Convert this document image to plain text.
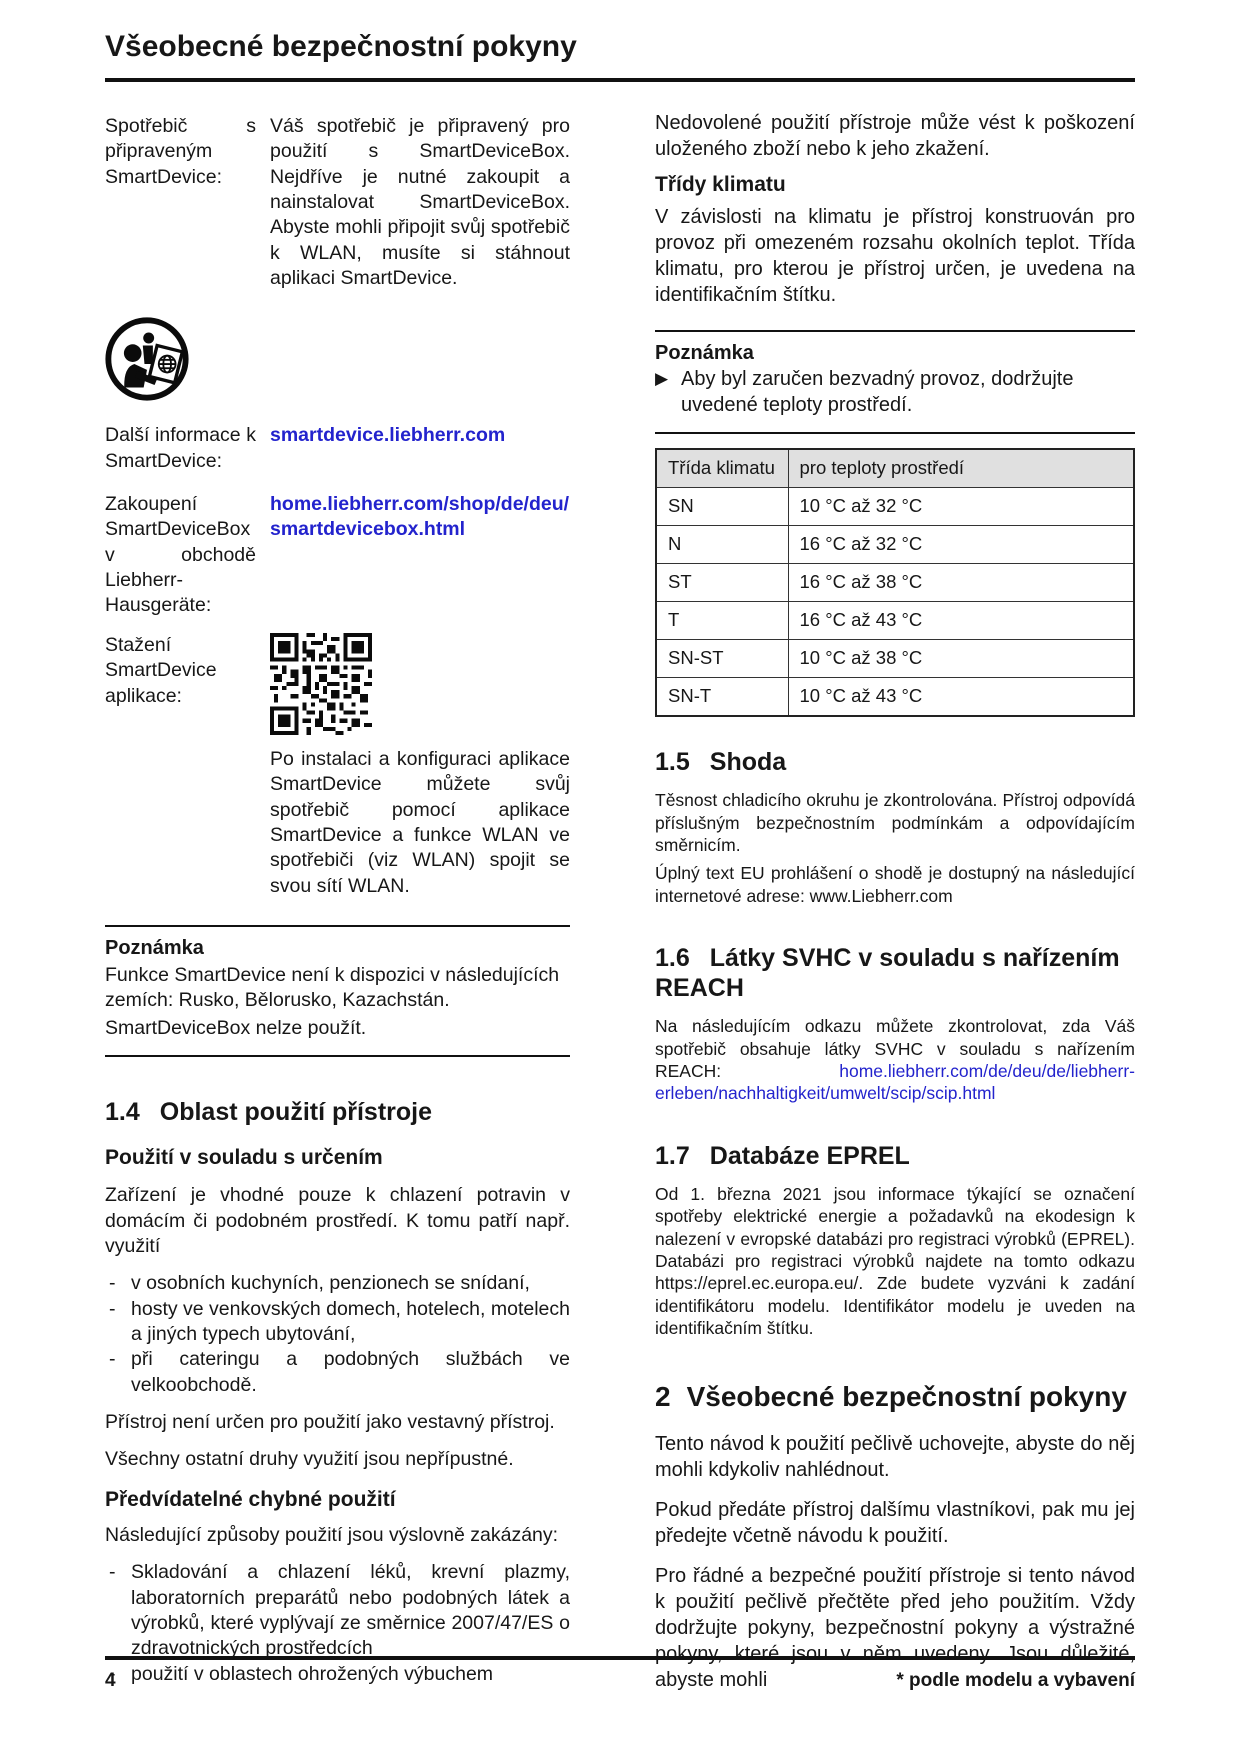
Všeobecné bezpečnostní pokyny
Spotřebič s připraveným SmartDevice:
Váš spotřebič je připravený pro použití s SmartDeviceBox. Nejdříve je nutné zakoupit a nainstalovat SmartDeviceBox. Abyste mohli připojit svůj spotřebič k WLAN, musíte si stáhnout aplikaci SmartDevice.
Další informace k SmartDevice:
smartdevice.liebherr.com
Zakoupení SmartDeviceBox v obchodě Liebherr-Hausgeräte:
home.liebherr.com/shop/de/deu/smartdevicebox.html
Stažení SmartDevice aplikace:
Po instalaci a konfiguraci aplikace SmartDevice můžete svůj spotřebič pomocí aplikace SmartDevice a funkce WLAN ve spotřebiči (viz WLAN) spojit se svou sítí WLAN.
Poznámka
Funkce SmartDevice není k dispozici v následujících zemích: Rusko, Bělorusko, Kazachstán.
SmartDeviceBox nelze použít.
1.4 Oblast použití přístroje
Použití v souladu s určením

Zařízení je vhodné pouze k chlazení potravin v domácím či podobném prostředí. K tomu patří např. využití

- v osobních kuchyních, penzionech se snídaní,
- hosty ve venkovských domech, hotelech, motelech a jiných typech ubytování,
- při cateringu a podobných službách ve velkoobchodě.

Přístroj není určen pro použití jako vestavný přístroj.

Všechny ostatní druhy využití jsou nepřípustné.

Předvídatelné chybné použití

Následující způsoby použití jsou výslovně zakázány:

- Skladování a chlazení léků, krevní plazmy, laboratorních preparátů nebo podobných látek a výrobků, které vyplývají ze směrnice 2007/47/ES o zdravotnických prostředcích
- použití v oblastech ohrožených výbuchem

Nedovolené použití přístroje může vést k poškození uloženého zboží nebo k jeho zkažení.

Třídy klimatu

V závislosti na klimatu je přístroj konstruován pro provoz při omezeném rozsahu okolních teplot. Třída klimatu, pro kterou je přístroj určen, je uvedena na identifikačním štítku.

Poznámka
▶ Aby byl zaručen bezvadný provoz, dodržujte uvedené teploty prostředí.
Třída klimatu	pro teploty prostředí
SN	10 °C až 32 °C
N	16 °C až 32 °C
ST	16 °C až 38 °C
T	16 °C až 43 °C
SN-ST	10 °C až 38 °C
SN-T	10 °C až 43 °C
1.5 Shoda

Těsnost chladicího okruhu je zkontrolována. Přístroj odpovídá příslušným bezpečnostním podmínkám a odpovídajícím směrnicím.

Úplný text EU prohlášení o shodě je dostupný na následující internetové adrese: www.Liebherr.com

1.6 Látky SVHC v souladu s nařízením REACH

Na následujícím odkazu můžete zkontrolovat, zda Váš spotřebič obsahuje látky SVHC v souladu s nařízením REACH: home.liebherr.com/de/deu/de/liebherr-erleben/nachhaltigkeit/umwelt/scip/scip.html

1.7 Databáze EPREL

Od 1. března 2021 jsou informace týkající se označení spotřeby elektrické energie a požadavků na ekodesign k nalezení v evropské databázi pro registraci výrobků (EPREL). Databázi pro registraci výrobků najdete na tomto odkazu https://eprel.ec.europa.eu/. Zde budete vyzváni k zadání identifikátoru modelu. Identifikátor modelu je uveden na identifikačním štítku.

2 Všeobecné bezpečnostní pokyny

Tento návod k použití pečlivě uchovejte, abyste do něj mohli kdykoliv nahlédnout.

Pokud předáte přístroj dalšímu vlastníkovi, pak mu jej předejte včetně návodu k použití.

Pro řádné a bezpečné použití přístroje si tento návod k použití pečlivě přečtěte před jeho použitím. Vždy dodržujte pokyny, bezpečnostní pokyny a výstražné pokyny, které jsou v něm uvedeny. Jsou důležité, abyste mohli

4	* podle modelu a vybavení
